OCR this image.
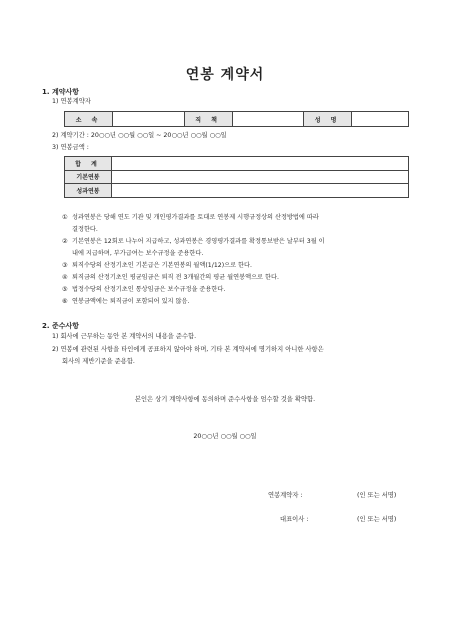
연봉 계약서
1. 계약사항
1) 연봉계약자
소 속		직 책		성 명	
2) 계약기간 : 20○○년 ○○월 ○○일 ~ 20○○년 ○○월 ○○일
3) 연봉금액 :
합 계	
기본연봉	
성과연봉	
① 성과연봉은 당해 연도 기관 및 개인평가결과를 토대로 연봉제 시행규정상의 산정방법에 따라
결정한다.
② 기본연봉은 12회로 나누어 지급하고, 성과연봉은 경영평가결과를 확정통보받은 날부터 3월 이
내에 지급하며, 부가급여는 보수규정을 준용한다.
③ 퇴직수당의 산정기초인 기본급은 기본연봉의 월액(1/12)으로 한다.
④ 퇴직금의 산정기초인 평균임금은 퇴직 전 3개월간의 평균 월연봉액으로 한다.
⑤ 법정수당의 산정기초인 통상임금은 보수규정을 준용한다.
⑥ 연봉금액에는 퇴직금이 포함되어 있지 않음.
2. 준수사항
1) 회사에 근무하는 동안 본 계약서의 내용을 준수함.
2) 연봉에 관련된 사항을 타인에게 공표하지 않아야 하며, 기타 본 계약서에 명기하지 아니한 사항은
회사의 제반기준을 준용함.
본인은 상기 계약사항에 동의하며 준수사항을 엄수할 것을 확약함.
20○○년 ○○월 ○○일
연봉계약자 :	(인 또는 서명)
대표이사 :	(인 또는 서명)
